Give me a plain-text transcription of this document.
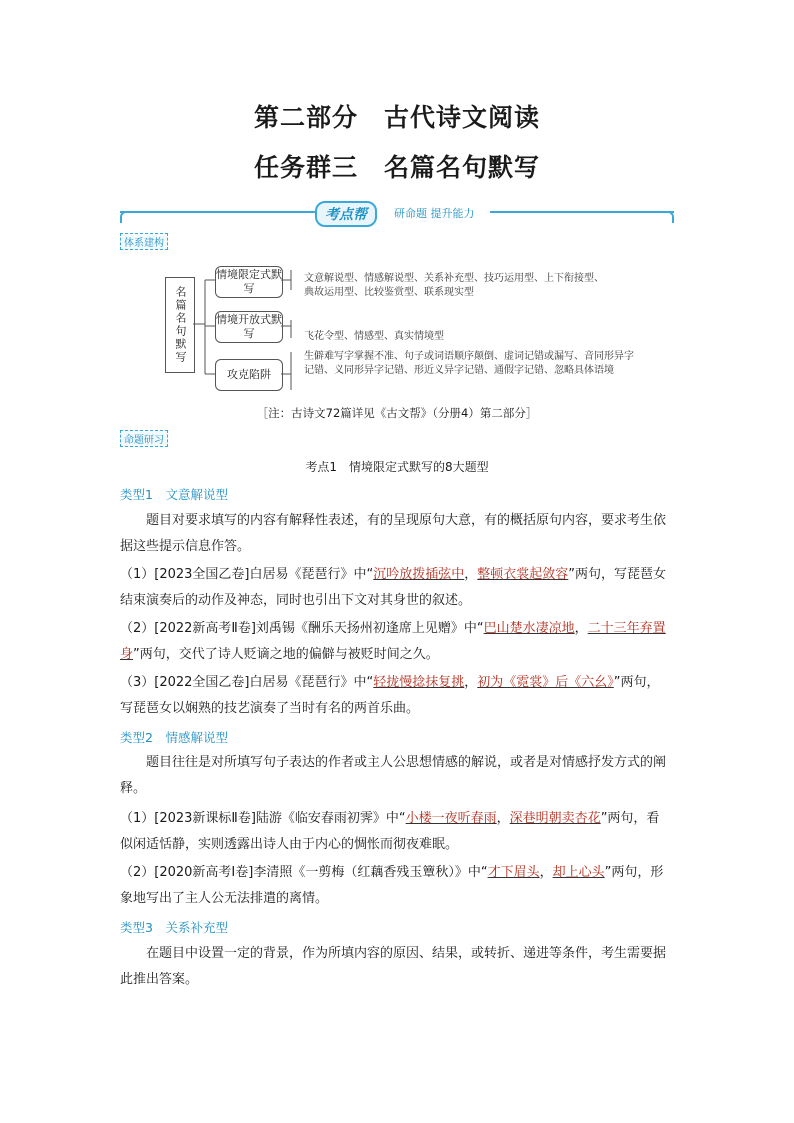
第二部分　古代诗文阅读
任务群三　名篇名句默写
考点帮	研命题 提升能力
体系建构
名篇名句默写
情境限定式默写
情境开放式默写
攻克陷阱
文意解说型、情感解说型、关系补充型、技巧运用型、上下衔接型、典故运用型、比较鉴赏型、联系现实型
飞花令型、情感型、真实情境型
生僻难写字掌握不准、句子或词语顺序颠倒、虚词记错或漏写、音同形异字记错、义同形异字记错、形近义异字记错、通假字记错、忽略具体语境
［注：古诗文72篇详见《古文帮》（分册4）第二部分］
命题研习
考点1　情境限定式默写的8大题型
类型1　文意解说型
题目对要求填写的内容有解释性表述，有的呈现原句大意，有的概括原句内容，要求考生依据这些提示信息作答。
（1）[2023全国乙卷]白居易《琵琶行》中“沉吟放拨插弦中，整顿衣裳起敛容”两句，写琵琶女结束演奏后的动作及神态，同时也引出下文对其身世的叙述。
（2）[2022新高考Ⅱ卷]刘禹锡《酬乐天扬州初逢席上见赠》中“巴山楚水凄凉地，二十三年弃置身”两句，交代了诗人贬谪之地的偏僻与被贬时间之久。
（3）[2022全国乙卷]白居易《琵琶行》中“轻拢慢捻抹复挑，初为《霓裳》后《六幺》”两句，写琵琶女以娴熟的技艺演奏了当时有名的两首乐曲。
类型2　情感解说型
题目往往是对所填写句子表达的作者或主人公思想情感的解说，或者是对情感抒发方式的阐释。
（1）[2023新课标Ⅱ卷]陆游《临安春雨初霁》中“小楼一夜听春雨，深巷明朝卖杏花”两句，看似闲适恬静，实则透露出诗人由于内心的惆怅而彻夜难眠。
（2）[2020新高考Ⅰ卷]李清照《一剪梅（红藕香残玉簟秋）》中“才下眉头，却上心头”两句，形象地写出了主人公无法排遣的离情。
类型3　关系补充型
在题目中设置一定的背景，作为所填内容的原因、结果，或转折、递进等条件，考生需要据此推出答案。
